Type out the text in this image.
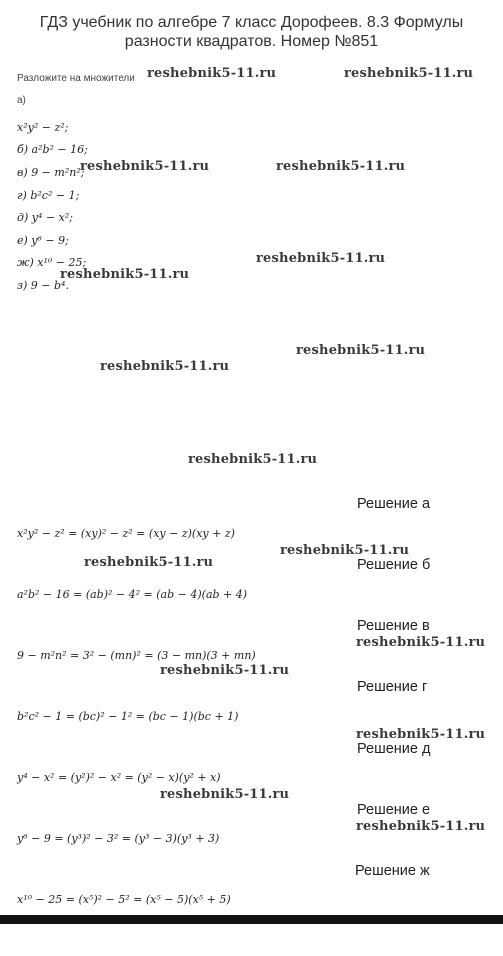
ГДЗ учебник по алгебре 7 класс Дорофеев. 8.3 Формулы разности квадратов. Номер №851
Разложите на множители
а)
x²y² − z²;
б) a²b² − 16;
в) 9 − m²n²;
г) b²c² − 1;
д) y⁴ − x²;
е) y⁶ − 9;
ж) x¹⁰ − 25;
з) 9 − b⁴.
Решение а
x²y² − z² = (xy)² − z² = (xy − z)(xy + z)
Решение б
a²b² − 16 = (ab)² − 4² = (ab − 4)(ab + 4)
Решение в
9 − m²n² = 3² − (mn)² = (3 − mn)(3 + mn)
Решение г
b²c² − 1 = (bc)² − 1² = (bc − 1)(bc + 1)
Решение д
y⁴ − x² = (y²)² − x² = (y² − x)(y² + x)
Решение е
y⁶ − 9 = (y³)² − 3² = (y³ − 3)(y³ + 3)
Решение ж
x¹⁰ − 25 = (x⁵)² − 5² = (x⁵ − 5)(x⁵ + 5)
reshebnik5-11.ru	reshebnik5-11.ru
reshebnik5-11.ru	reshebnik5-11.ru
reshebnik5-11.ru
reshebnik5-11.ru
reshebnik5-11.ru
reshebnik5-11.ru
reshebnik5-11.ru
reshebnik5-11.ru
reshebnik5-11.ru
reshebnik5-11.ru
reshebnik5-11.ru
reshebnik5-11.ru
reshebnik5-11.ru
reshebnik5-11.ru
